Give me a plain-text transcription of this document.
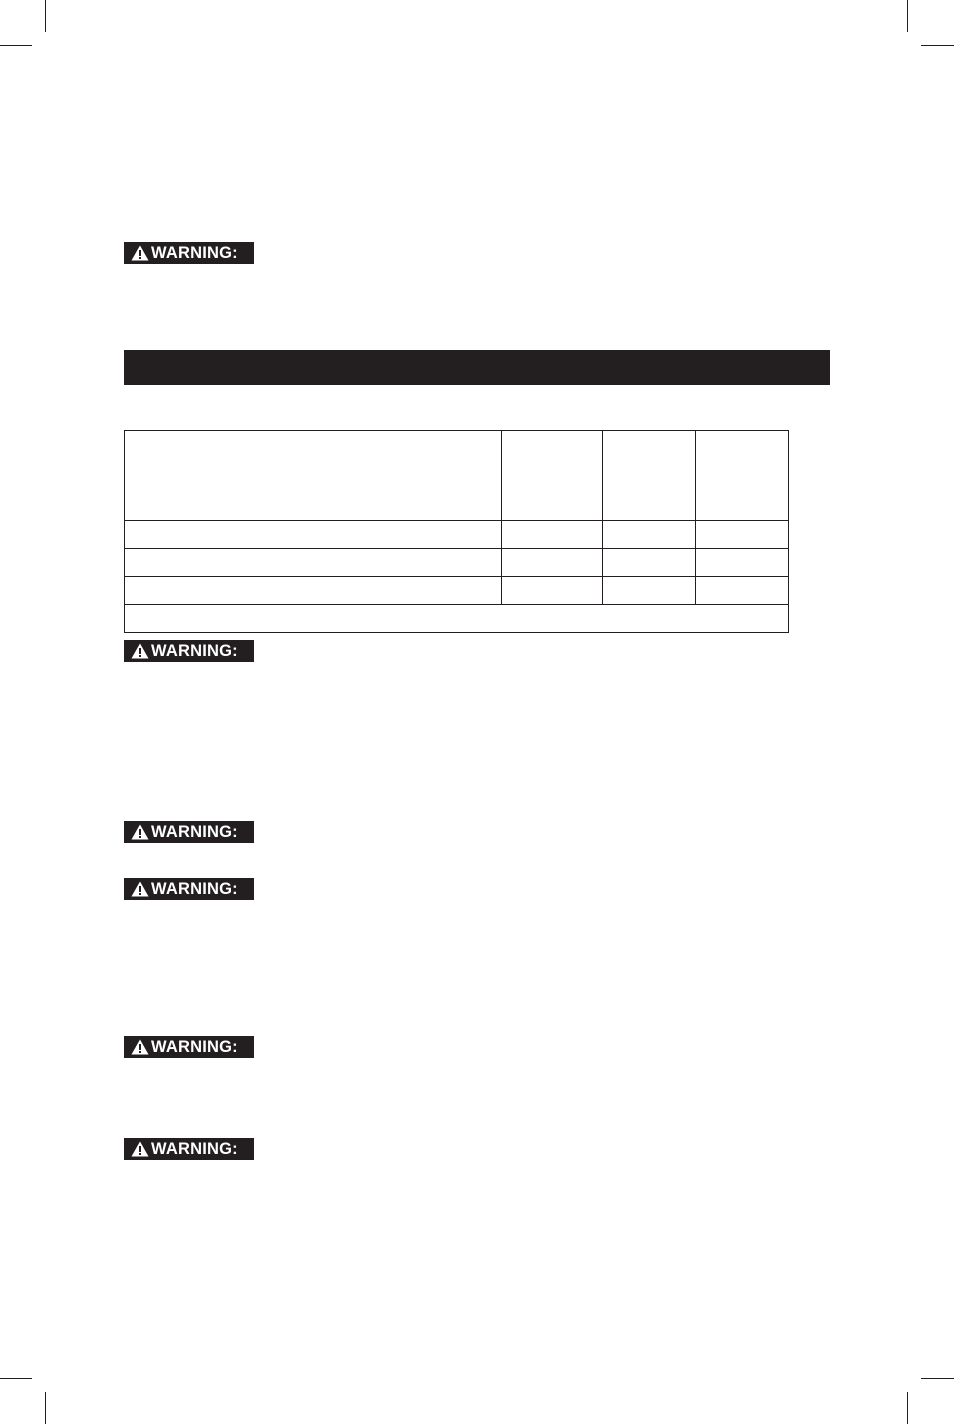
WARNING:

WARNING:
WARNING:
WARNING:
WARNING:
WARNING:
